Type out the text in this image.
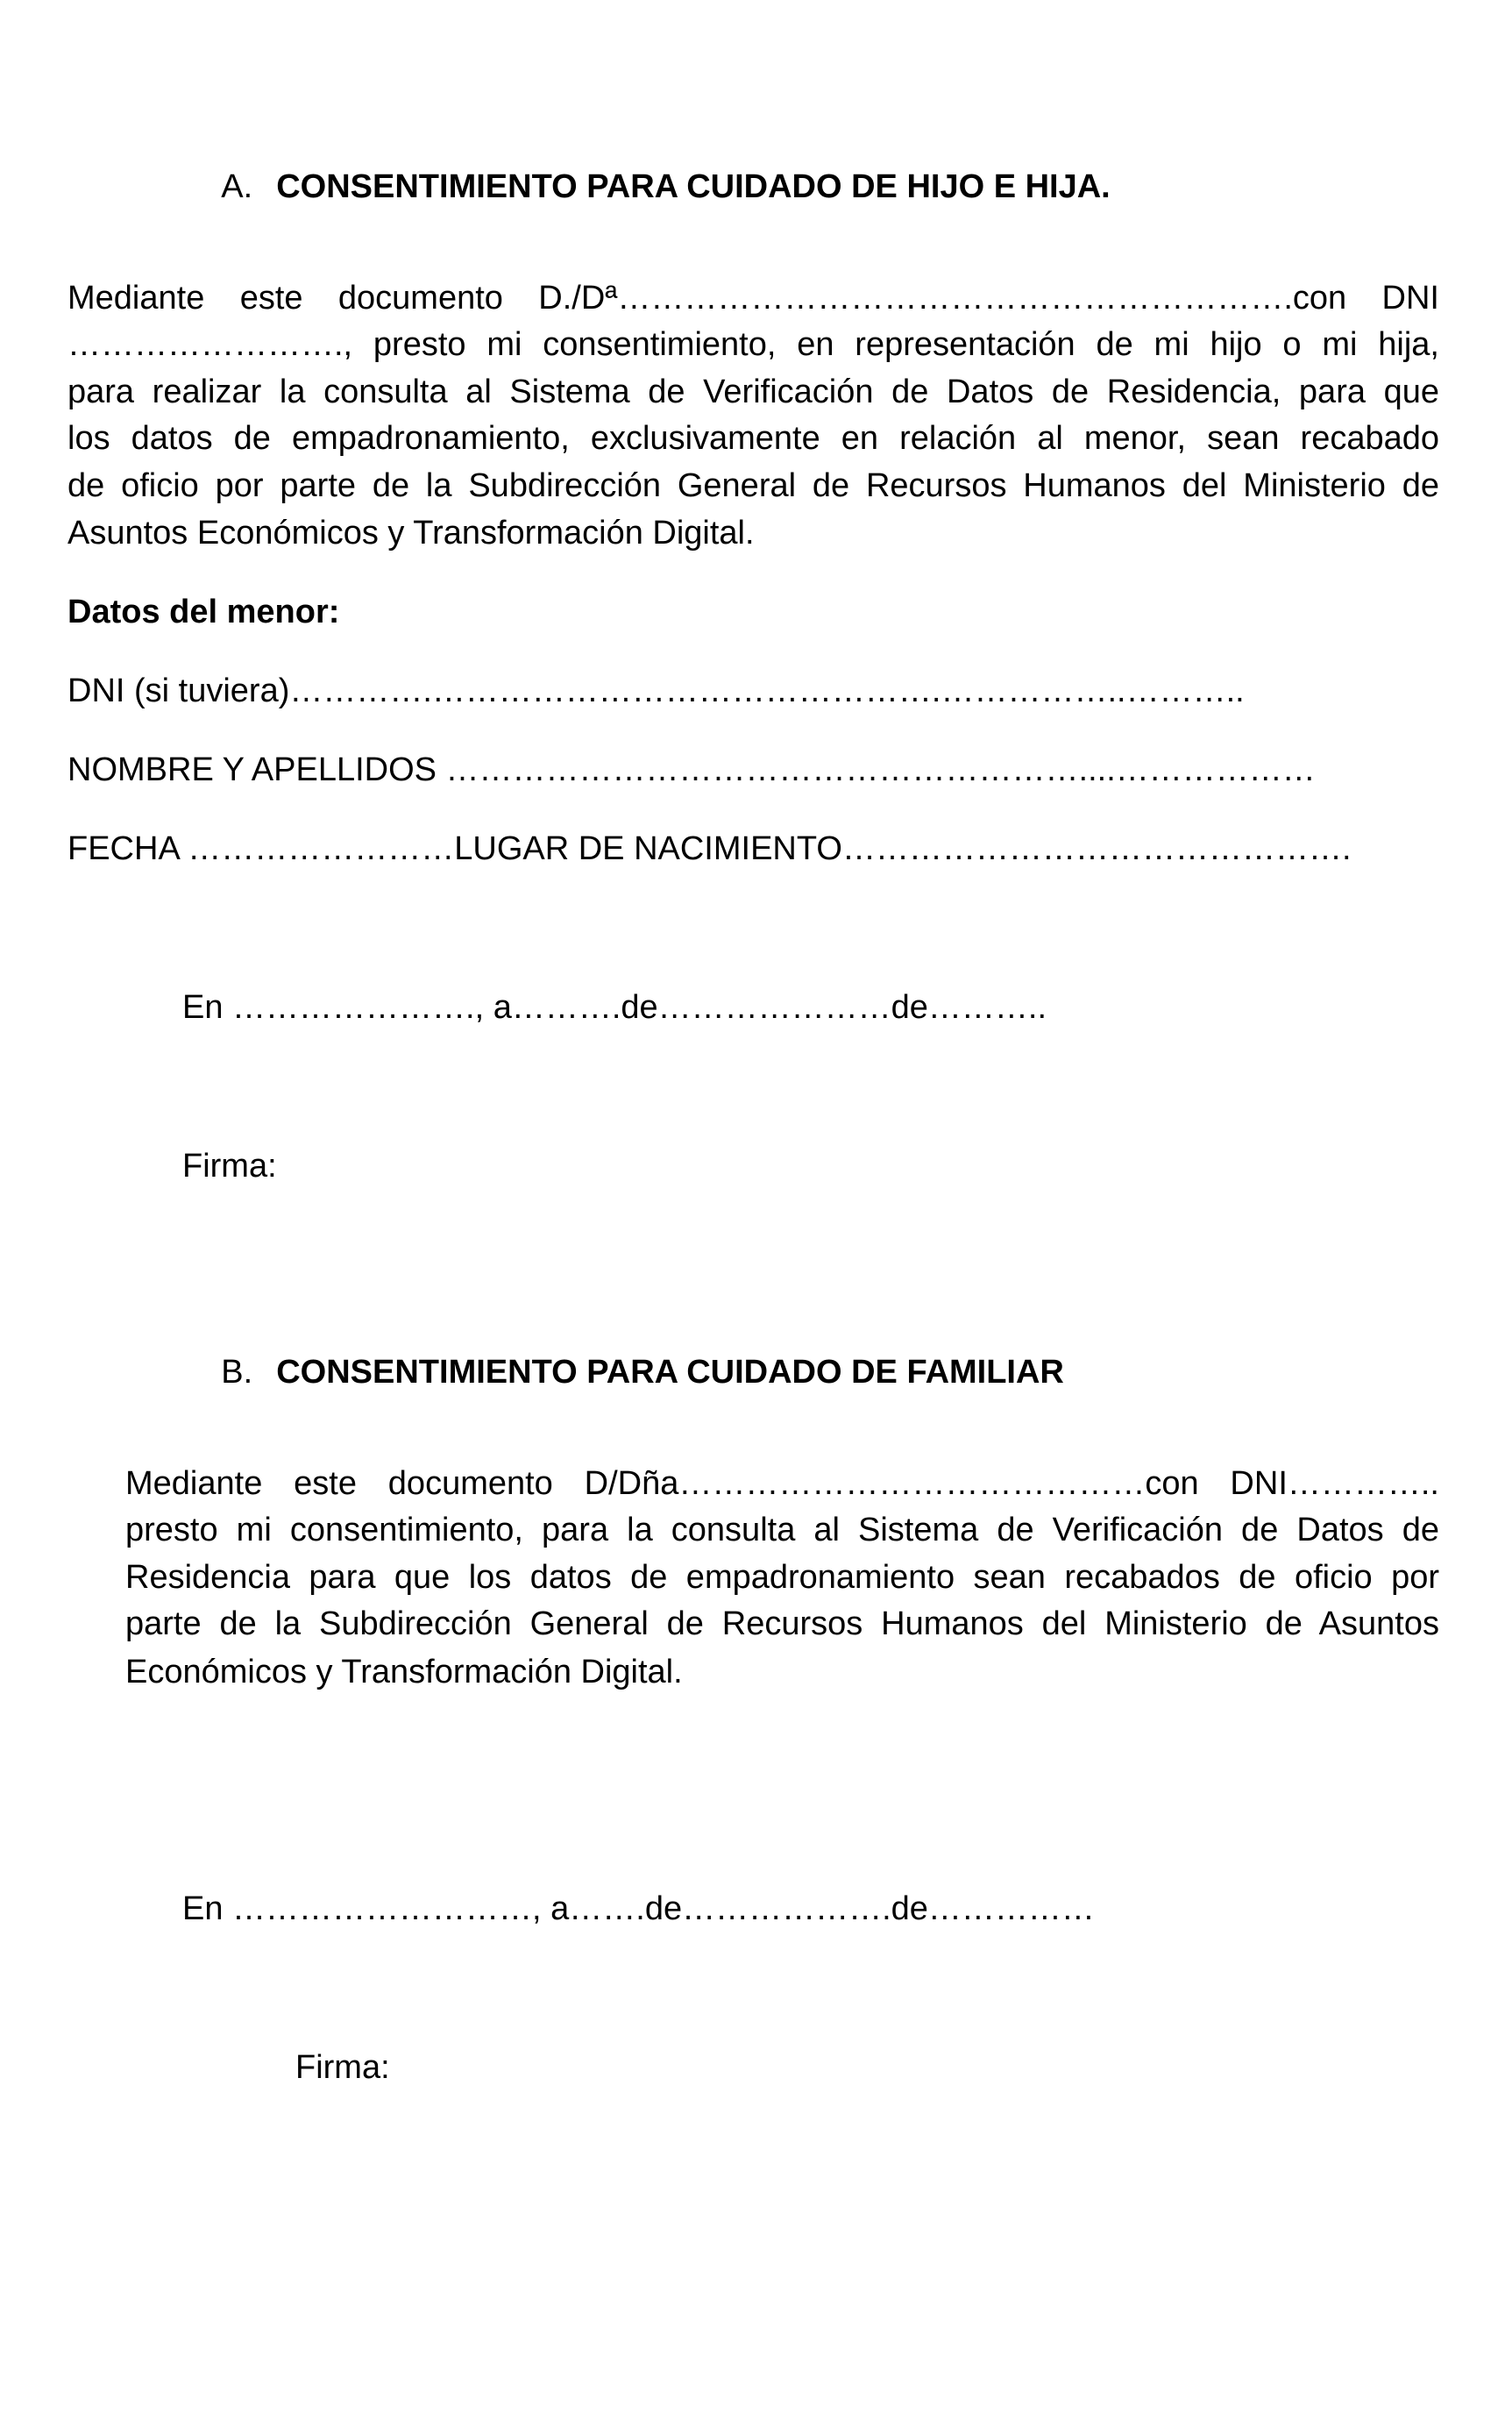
A. CONSENTIMIENTO PARA CUIDADO DE HIJO E HIJA.

Mediante este documento D./Dª…………………………………………………….con DNI
……………………., presto mi consentimiento, en representación de mi hijo o mi hija,
para realizar la consulta al Sistema de Verificación de Datos de Residencia, para que
los datos de empadronamiento, exclusivamente en relación al menor, sean recabado
de oficio por parte de la Subdirección General de Recursos Humanos del Ministerio de
Asuntos Económicos y Transformación Digital.
Datos del menor:
DNI (si tuviera)………….……………………………………….……………..………..
NOMBRE Y APELLIDOS …………………………………………………....………………
FECHA ……………………LUGAR DE NACIMIENTO……………………………………….
En …………………., a……….de…………………de………..
Firma:

B. CONSENTIMIENTO PARA CUIDADO DE FAMILIAR

Mediante este documento D/Dña……………………………………con DNI…………..
presto mi consentimiento, para la consulta al Sistema de Verificación de Datos de
Residencia para que los datos de empadronamiento sean recabados de oficio por
parte de la Subdirección General de Recursos Humanos del Ministerio de Asuntos
Económicos y Transformación Digital.
En ………………………, a…….de……………….de……………
Firma:
